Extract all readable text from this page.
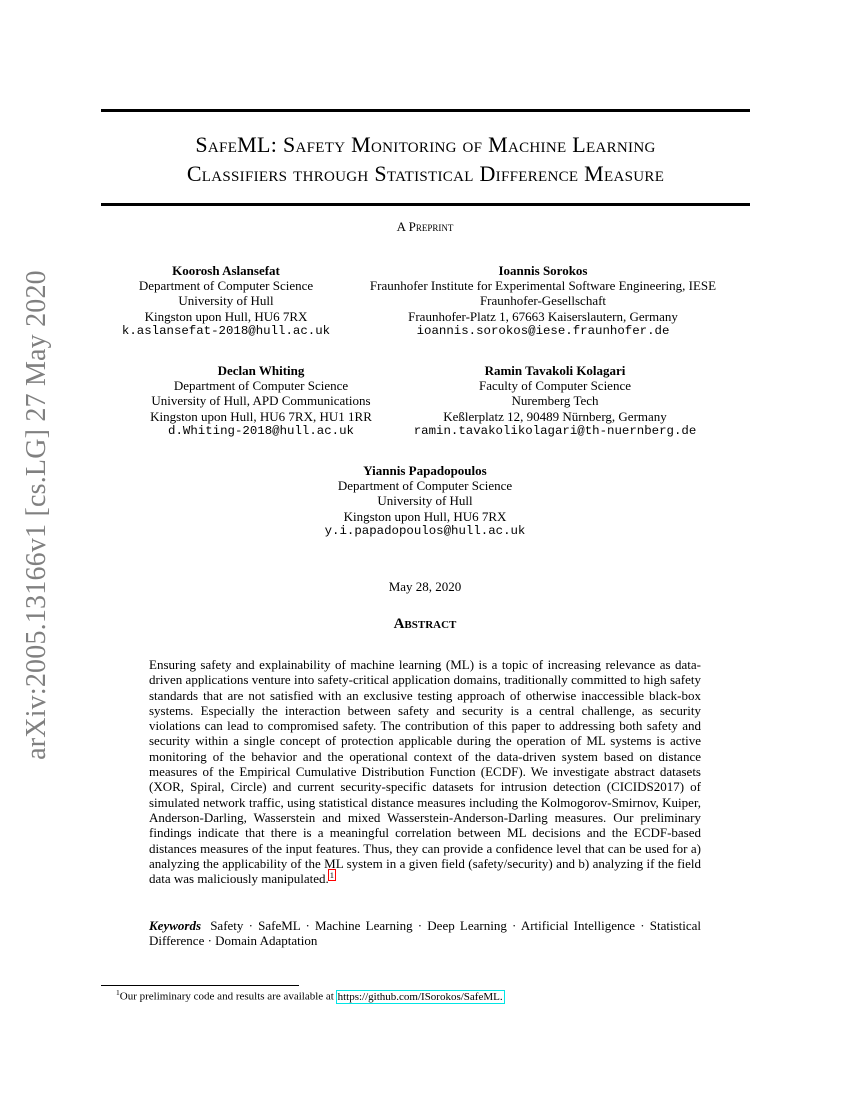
arXiv:2005.13166v1 [cs.LG] 27 May 2020
SafeML: Safety Monitoring of Machine Learning
Classifiers through Statistical Difference Measure
A Preprint
Koorosh Aslansefat
Department of Computer Science
University of Hull
Kingston upon Hull, HU6 7RX
k.aslansefat-2018@hull.ac.uk
Ioannis Sorokos
Fraunhofer Institute for Experimental Software Engineering, IESE
Fraunhofer-Gesellschaft
Fraunhofer-Platz 1, 67663 Kaiserslautern, Germany
ioannis.sorokos@iese.fraunhofer.de
Declan Whiting
Department of Computer Science
University of Hull, APD Communications
Kingston upon Hull, HU6 7RX, HU1 1RR
d.Whiting-2018@hull.ac.uk
Ramin Tavakoli Kolagari
Faculty of Computer Science
Nuremberg Tech
Keßlerplatz 12, 90489 Nürnberg, Germany
ramin.tavakolikolagari@th-nuernberg.de
Yiannis Papadopoulos
Department of Computer Science
University of Hull
Kingston upon Hull, HU6 7RX
y.i.papadopoulos@hull.ac.uk
May 28, 2020
Abstract

Ensuring safety and explainability of machine learning (ML) is a topic of increasing relevance as data-driven applications venture into safety-critical application domains, traditionally committed to high safety standards that are not satisfied with an exclusive testing approach of otherwise inaccessible black-box systems. Especially the interaction between safety and security is a central challenge, as security violations can lead to compromised safety. The contribution of this paper to addressing both safety and security within a single concept of protection applicable during the operation of ML systems is active monitoring of the behavior and the operational context of the data-driven system based on distance measures of the Empirical Cumulative Distribution Function (ECDF). We investigate abstract datasets (XOR, Spiral, Circle) and current security-specific datasets for intrusion detection (CICIDS2017) of simulated network traffic, using statistical distance measures including the Kolmogorov-Smirnov, Kuiper, Anderson-Darling, Wasserstein and mixed Wasserstein-Anderson-Darling measures. Our preliminary findings indicate that there is a meaningful correlation between ML decisions and the ECDF-based distances measures of the input features. Thus, they can provide a confidence level that can be used for a) analyzing the applicability of the ML system in a given field (safety/security) and b) analyzing if the field data was maliciously manipulated.$^1$

Keywords Safety · SafeML · Machine Learning · Deep Learning · Artificial Intelligence · Statistical Difference · Domain Adaptation

$^1$Our preliminary code and results are available at https://github.com/ISorokos/SafeML.
